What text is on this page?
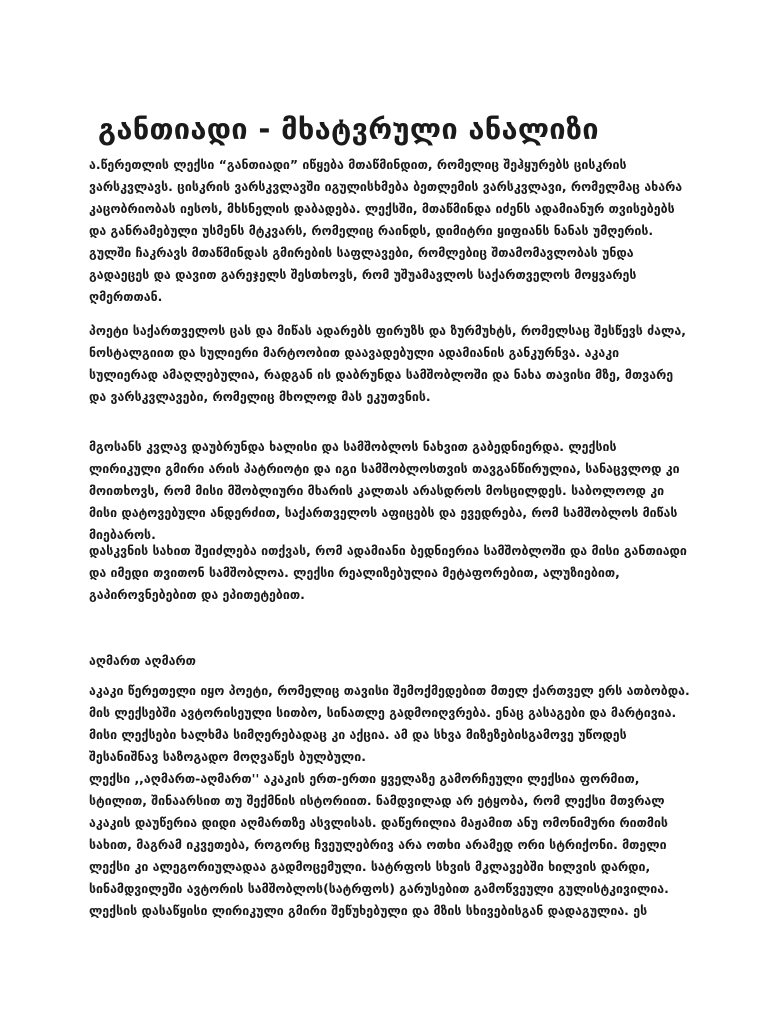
განთიადი - მხატვრული ანალიზი

ა.წერეთლის ლექსი “განთიადი” იწყება მთაწმინდით, რომელიც შეჰყურებს ცისკრის
ვარსკვლავს. ცისკრის ვარსკვლავში იგულისხმება ბეთლემის ვარსკვლავი, რომელმაც ახარა
კაცობრიობას იესოს, მხსნელის დაბადება. ლექსში, მთაწმინდა იძენს ადამიანურ თვისებებს
და განრამებული უსმენს მტკვარს, რომელიც რაინდს, დიმიტრი ყიფიანს ნანას უმღერის.
გულში ჩაკრავს მთაწმინდას გმირების საფლავები, რომლებიც შთამომავლობას უნდა
გადაეცეს და დავით გარეჯელს შესთხოვს, რომ უშუამავლოს საქართველოს მოყვარეს
ღმერთთან.

პოეტი საქართველოს ცას და მიწას ადარებს ფირუზს და ზურმუხტს, რომელსაც შესწევს ძალა,
ნოსტალგიით და სულიერი მარტოობით დაავადებული ადამიანის განკურნვა. აკაკი
სულიერად ამაღლებულია, რადგან ის დაბრუნდა სამშობლოში და ნახა თავისი მზე, მთვარე
და ვარსკვლავები, რომელიც მხოლოდ მას ეკუთვნის.

მგოსანს კვლავ დაუბრუნდა ხალისი და სამშობლოს ნახვით გაბედნიერდა. ლექსის
ლირიკული გმირი არის პატრიოტი და იგი სამშობლოსთვის თავგანწირულია, სანაცვლოდ კი
მოითხოვს, რომ მისი მშობლიური მხარის კალთას არასდროს მოსცილდეს. საბოლოოდ კი
მისი დატოვებული ანდერძით, საქართველოს აფიცებს და ევედრება, რომ სამშობლოს მიწას
მიებაროს.

დასკვნის სახით შეიძლება ითქვას, რომ ადამიანი ბედნიერია სამშობლოში და მისი განთიადი
და იმედი თვითონ სამშობლოა. ლექსი რეალიზებულია მეტაფორებით, ალუზიებით,
გაპიროვნებებით და ეპითეტებით.

აღმართ აღმართ

აკაკი წერეთელი იყო პოეტი, რომელიც თავისი შემოქმედებით მთელ ქართველ ერს ათბობდა.
მის ლექსებში ავტორისეული სითბო, სინათლე გადმოიღვრება. ენაც გასაგები და მარტივია.
მისი ლექსები ხალხმა სიმღერებადაც კი აქცია. ამ და სხვა მიზეზებისგამოვე უწოდეს
შესანიშნავ საზოგადო მოღვაწეს ბულბული.
ლექსი ,,აღმართ-აღმართ'' აკაკის ერთ-ერთი ყველაზე გამორჩეული ლექსია ფორმით,
სტილით, შინაარსით თუ შექმნის ისტორიით. ნამდვილად არ ეტყობა, რომ ლექსი მთვრალ
აკაკის დაუწერია დიდი აღმართზე ასვლისას. დაწერილია მაჟამით ანუ ომონიმური რითმის
სახით, მაგრამ იკვეთება, როგორც ჩვეულებრივ არა ოთხი არამედ ორი სტრიქონი. მთელი
ლექსი კი ალეგორიულადაა გადმოცემული. სატრფოს სხვის მკლავებში ხილვის დარდი,
სინამდვილეში ავტორის სამშობლოს(სატრფოს) გარუსებით გამოწვეული გულისტკივილია.
ლექსის დასაწყისი ლირიკული გმირი შეწუხებული და მზის სხივებისგან დადაგულია. ეს
